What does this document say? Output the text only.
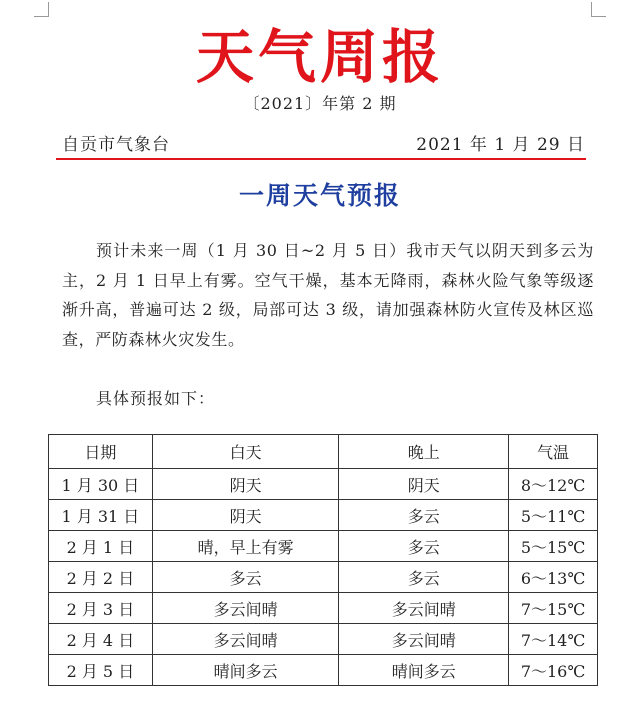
天气周报
〔2021〕年第 2 期
自贡市气象台	2021 年 1 月 29 日
一周天气预报
预计未来一周（1 月 30 日~2 月 5 日）我市天气以阴天到多云为主，2 月 1 日早上有雾。空气干燥，基本无降雨，森林火险气象等级逐渐升高，普遍可达 2 级，局部可达 3 级，请加强森林防火宣传及林区巡查，严防森林火灾发生。
具体预报如下：
日期	白天	晚上	气温
1 月 30 日	阴天	阴天	8～12℃
1 月 31 日	阴天	多云	5～11℃
2 月 1 日	晴，早上有雾	多云	5～15℃
2 月 2 日	多云	多云	6～13℃
2 月 3 日	多云间晴	多云间晴	7～15℃
2 月 4 日	多云间晴	多云间晴	7～14℃
2 月 5 日	晴间多云	晴间多云	7～16℃
